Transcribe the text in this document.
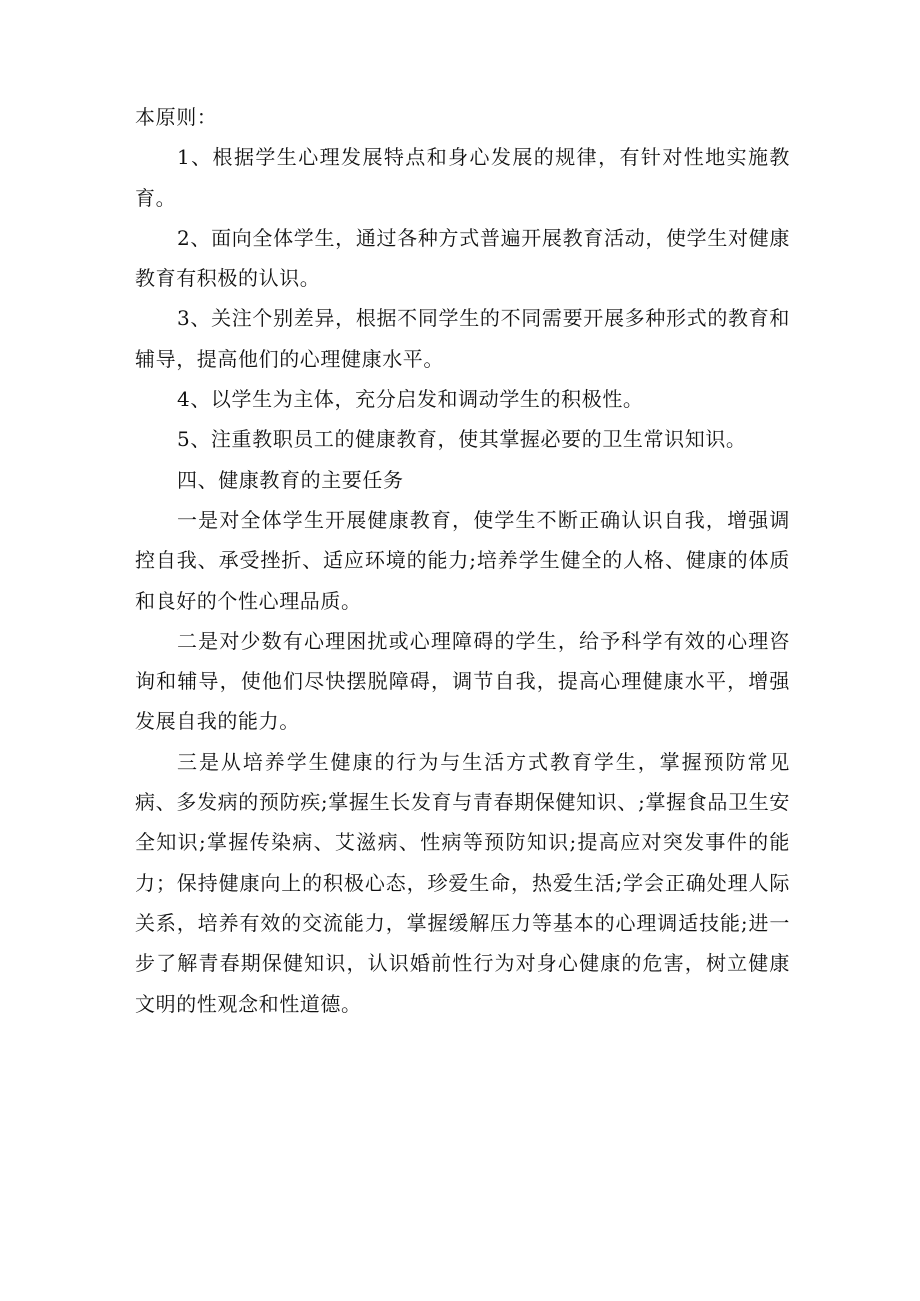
本原则：

1、根据学生心理发展特点和身心发展的规律，有针对性地实施教育。

2、面向全体学生，通过各种方式普遍开展教育活动，使学生对健康教育有积极的认识。

3、关注个别差异，根据不同学生的不同需要开展多种形式的教育和辅导，提高他们的心理健康水平。

4、以学生为主体，充分启发和调动学生的积极性。

5、注重教职员工的健康教育，使其掌握必要的卫生常识知识。

四、健康教育的主要任务

一是对全体学生开展健康教育，使学生不断正确认识自我，增强调控自我、承受挫折、适应环境的能力;培养学生健全的人格、健康的体质和良好的个性心理品质。

二是对少数有心理困扰或心理障碍的学生，给予科学有效的心理咨询和辅导，使他们尽快摆脱障碍，调节自我，提高心理健康水平，增强发展自我的能力。

三是从培养学生健康的行为与生活方式教育学生，掌握预防常见病、多发病的预防疾;掌握生长发育与青春期保健知识、;掌握食品卫生安全知识;掌握传染病、艾滋病、性病等预防知识;提高应对突发事件的能力；保持健康向上的积极心态，珍爱生命，热爱生活;学会正确处理人际关系，培养有效的交流能力，掌握缓解压力等基本的心理调适技能;进一步了解青春期保健知识，认识婚前性行为对身心健康的危害，树立健康文明的性观念和性道德。
